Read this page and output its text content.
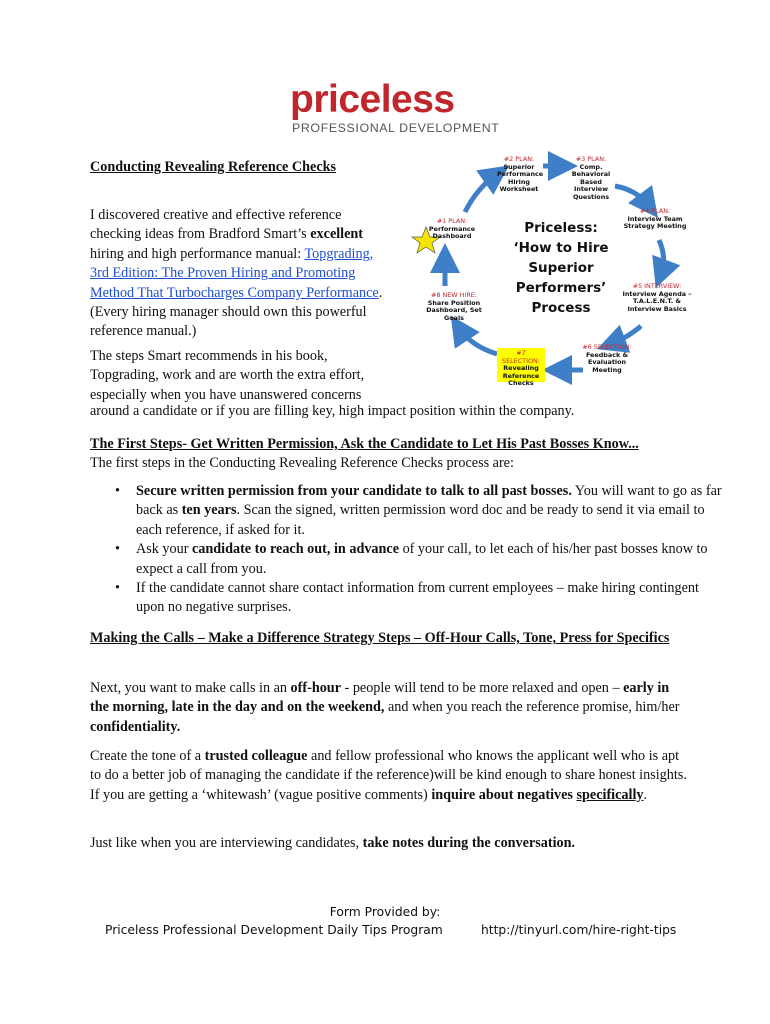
priceless
PROFESSIONAL DEVELOPMENT
Conducting Revealing Reference Checks
I discovered creative and effective reference checking ideas from Bradford Smart’s excellent hiring and high performance manual: Topgrading, 3rd Edition: The Proven Hiring and Promoting Method That Turbocharges Company Performance. (Every hiring manager should own this powerful reference manual.)
The steps Smart recommends in his book, Topgrading, work and are worth the extra effort, especially when you have unanswered concerns
around a candidate or if you are filling key, high impact position within the company.
#1 PLAN:
Performance Dashboard
#2 PLAN:
Superior Performance Hiring Worksheet
#3 PLAN:
Comp. Behavioral Based Interview Questions
#4 PLAN:
Interview Team Strategy Meeting
#5 INTERVIEW:
Interview Agenda – T.A.L.E.N.T. & Interview Basics
#6 SELECTION:
Feedback & Evaluation Meeting
#7 SELECTION:
Revealing Reference Checks
#8 NEW HIRE:
Share Position Dashboard, Set Goals
Priceless:
‘How to Hire
Superior
Performers’
Process
The First Steps- Get Written Permission, Ask the Candidate to Let His Past Bosses Know...
The first steps in the Conducting Revealing Reference Checks process are:
• Secure written permission from your candidate to talk to all past bosses. You will want to go as far back as ten years. Scan the signed, written permission word doc and be ready to send it via email to each reference, if asked for it.
• Ask your candidate to reach out, in advance of your call, to let each of his/her past bosses know to expect a call from you.
• If the candidate cannot share contact information from current employees – make hiring contingent upon no negative surprises.
Making the Calls – Make a Difference Strategy Steps – Off-Hour Calls, Tone, Press for Specifics
Next, you want to make calls in an off-hour - people will tend to be more relaxed and open – early in the morning, late in the day and on the weekend, and when you reach the reference promise, him/her confidentiality.
Create the tone of a trusted colleague and fellow professional who knows the applicant well who is apt to do a better job of managing the candidate if the reference)will be kind enough to share honest insights. If you are getting a ‘whitewash’ (vague positive comments) inquire about negatives specifically.
Just like when you are interviewing candidates, take notes during the conversation.
Form Provided by:
Priceless Professional Development Daily Tips Program	http://tinyurl.com/hire-right-tips
